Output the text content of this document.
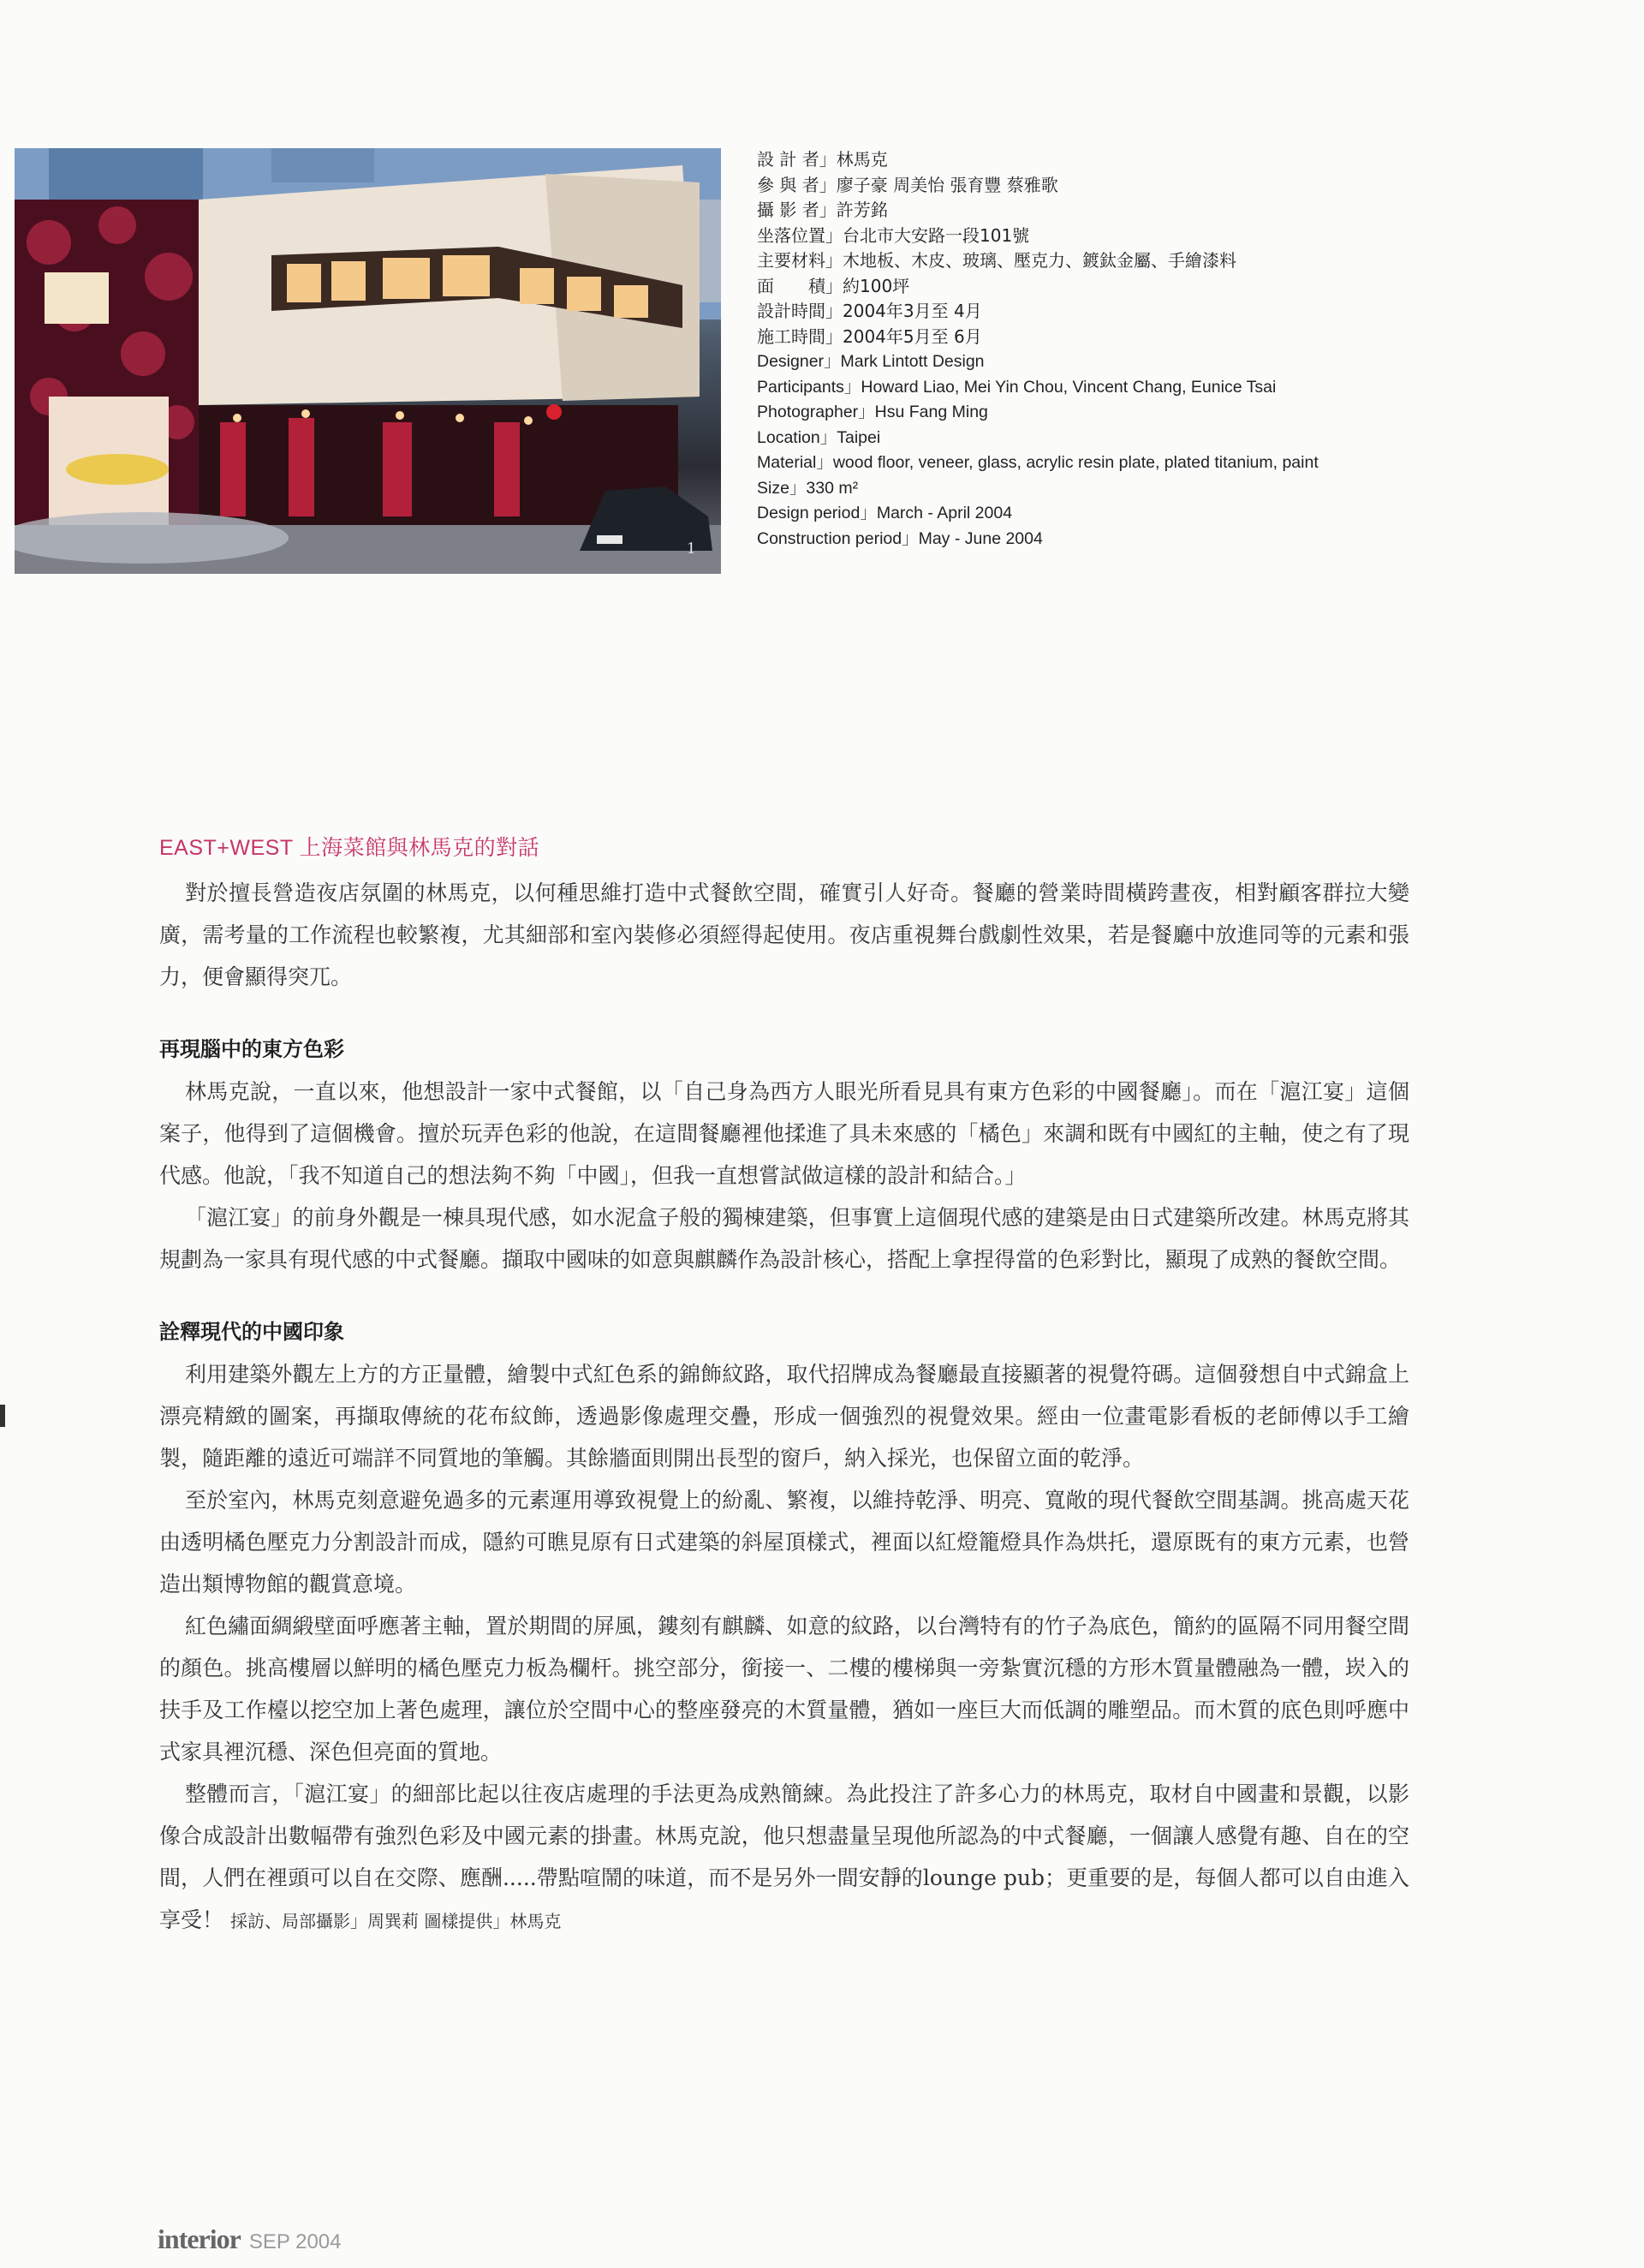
1
設 計 者」林馬克
參 與 者」廖子豪 周美怡 張育豐 蔡雅歌
攝 影 者」許芳銘
坐落位置」台北市大安路一段101號
主要材料」木地板、木皮、玻璃、壓克力、鍍鈦金屬、手繪漆料
面　　積」約100坪
設計時間」2004年3月至 4月
施工時間」2004年5月至 6月
Designer」Mark Lintott Design
Participants」Howard Liao, Mei Yin Chou, Vincent Chang, Eunice Tsai
Photographer」Hsu Fang Ming
Location」Taipei
Material」wood floor, veneer, glass, acrylic resin plate, plated titanium, paint
Size」330 m²
Design period」March - April 2004
Construction period」May - June 2004
EAST+WEST 上海菜館與林馬克的對話

對於擅長營造夜店氛圍的林馬克，以何種思維打造中式餐飲空間，確實引人好奇。餐廳的營業時間橫跨晝夜，相對顧客群拉大變廣，需考量的工作流程也較繁複，尤其細部和室內裝修必須經得起使用。夜店重視舞台戲劇性效果，若是餐廳中放進同等的元素和張力，便會顯得突兀。

再現腦中的東方色彩

林馬克說，一直以來，他想設計一家中式餐館，以「自己身為西方人眼光所看見具有東方色彩的中國餐廳」。而在「滬江宴」這個案子，他得到了這個機會。擅於玩弄色彩的他說，在這間餐廳裡他揉進了具未來感的「橘色」來調和既有中國紅的主軸，使之有了現代感。他說，「我不知道自己的想法夠不夠「中國」，但我一直想嘗試做這樣的設計和結合。」

「滬江宴」的前身外觀是一棟具現代感，如水泥盒子般的獨棟建築，但事實上這個現代感的建築是由日式建築所改建。林馬克將其規劃為一家具有現代感的中式餐廳。擷取中國味的如意與麒麟作為設計核心，搭配上拿捏得當的色彩對比，顯現了成熟的餐飲空間。

詮釋現代的中國印象

利用建築外觀左上方的方正量體，繪製中式紅色系的錦飾紋路，取代招牌成為餐廳最直接顯著的視覺符碼。這個發想自中式錦盒上漂亮精緻的圖案，再擷取傳統的花布紋飾，透過影像處理交疊，形成一個強烈的視覺效果。經由一位畫電影看板的老師傅以手工繪製，隨距離的遠近可端詳不同質地的筆觸。其餘牆面則開出長型的窗戶，納入採光，也保留立面的乾淨。

至於室內，林馬克刻意避免過多的元素運用導致視覺上的紛亂、繁複，以維持乾淨、明亮、寬敞的現代餐飲空間基調。挑高處天花由透明橘色壓克力分割設計而成，隱約可瞧見原有日式建築的斜屋頂樣式，裡面以紅燈籠燈具作為烘托，還原既有的東方元素，也營造出類博物館的觀賞意境。

紅色繡面綢緞壁面呼應著主軸，置於期間的屏風，鏤刻有麒麟、如意的紋路，以台灣特有的竹子為底色，簡約的區隔不同用餐空間的顏色。挑高樓層以鮮明的橘色壓克力板為欄杆。挑空部分，銜接一、二樓的樓梯與一旁紮實沉穩的方形木質量體融為一體，崁入的扶手及工作檯以挖空加上著色處理，讓位於空間中心的整座發亮的木質量體，猶如一座巨大而低調的雕塑品。而木質的底色則呼應中式家具裡沉穩、深色但亮面的質地。

整體而言，「滬江宴」的細部比起以往夜店處理的手法更為成熟簡練。為此投注了許多心力的林馬克，取材自中國畫和景觀，以影像合成設計出數幅帶有強烈色彩及中國元素的掛畫。林馬克說，他只想盡量呈現他所認為的中式餐廳，一個讓人感覺有趣、自在的空間，人們在裡頭可以自在交際、應酬.....帶點喧鬧的味道，而不是另外一間安靜的lounge pub；更重要的是，每個人都可以自由進入享受！ 採訪、局部攝影」周巽莉 圖樣提供」林馬克

interior SEP 2004
